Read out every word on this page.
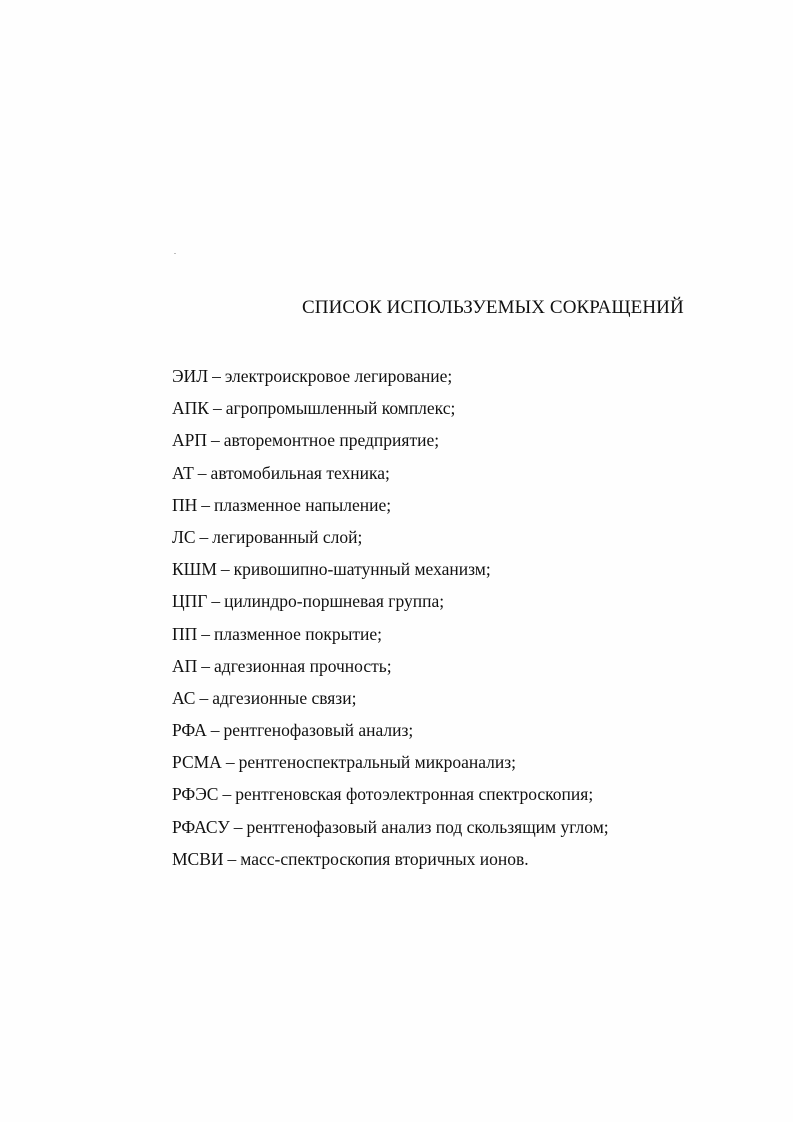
СПИСОК ИСПОЛЬЗУЕМЫХ СОКРАЩЕНИЙ
ЭИЛ – электроискровое легирование;
АПК – агропромышленный комплекс;
АРП – авторемонтное предприятие;
АТ – автомобильная техника;
ПН – плазменное напыление;
ЛС – легированный слой;
КШМ – кривошипно-шатунный механизм;
ЦПГ – цилиндро-поршневая группа;
ПП – плазменное покрытие;
АП – адгезионная прочность;
АС – адгезионные связи;
РФА – рентгенофазовый анализ;
РСМА – рентгеноспектральный микроанализ;
РФЭС – рентгеновская фотоэлектронная спектроскопия;
РФАСУ – рентгенофазовый анализ под скользящим углом;
МСВИ – масс-спектроскопия вторичных ионов.
